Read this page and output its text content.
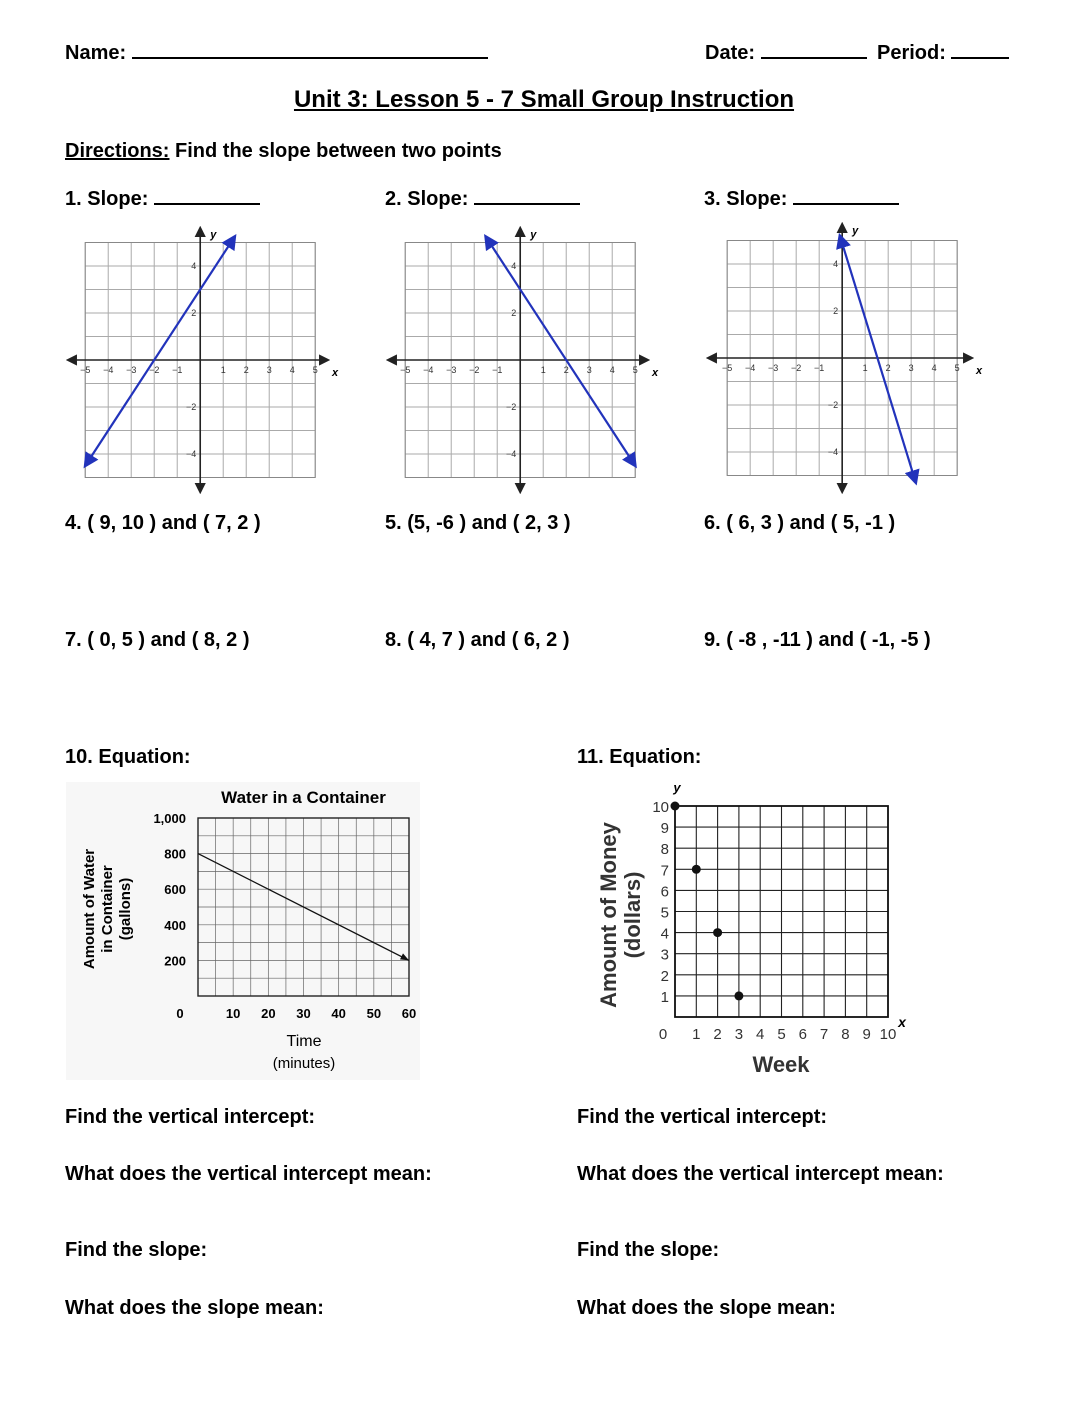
Name:	Date:	Period:
Unit 3: Lesson 5 - 7 Small Group Instruction
Directions: Find the slope between two points
1. Slope:	2. Slope:	3. Slope:
x
y
−5 −4 −3 −2 −1	1 2 3 4 5
4
2
−2
−4
x
y
−5 −4 −3 −2 −1	1 2 3 4 5
4
2
−2
−4
x
y
−5 −4 −3 −2 −1	1 2 3 4 5
4
2
−2
−4
4. ( 9, 10 ) and ( 7, 2 )	5. (5, -6 ) and ( 2, 3 )	6. ( 6, 3 ) and ( 5, -1 )
7. ( 0, 5 ) and ( 8, 2 )	8. ( 4, 7 ) and ( 6, 2 )	9. ( -8 , -11 ) and ( -1, -5 )
10. Equation:	11. Equation:
Water in a Container
200
400
600
800
1,000
0	10 20 30 40 50 60
Time
(minutes)
Amount of Water in Container (gallons)
1
2
3
4
5
6
7
8
9
10
0 1 2 3 4 5 6 7 8 9 10
y
x
Week
Amount of Money (dollars)
Find the vertical intercept:
What does the vertical intercept mean:
Find the slope:
What does the slope mean:
Find the vertical intercept:
What does the vertical intercept mean:
Find the slope:
What does the slope mean:
